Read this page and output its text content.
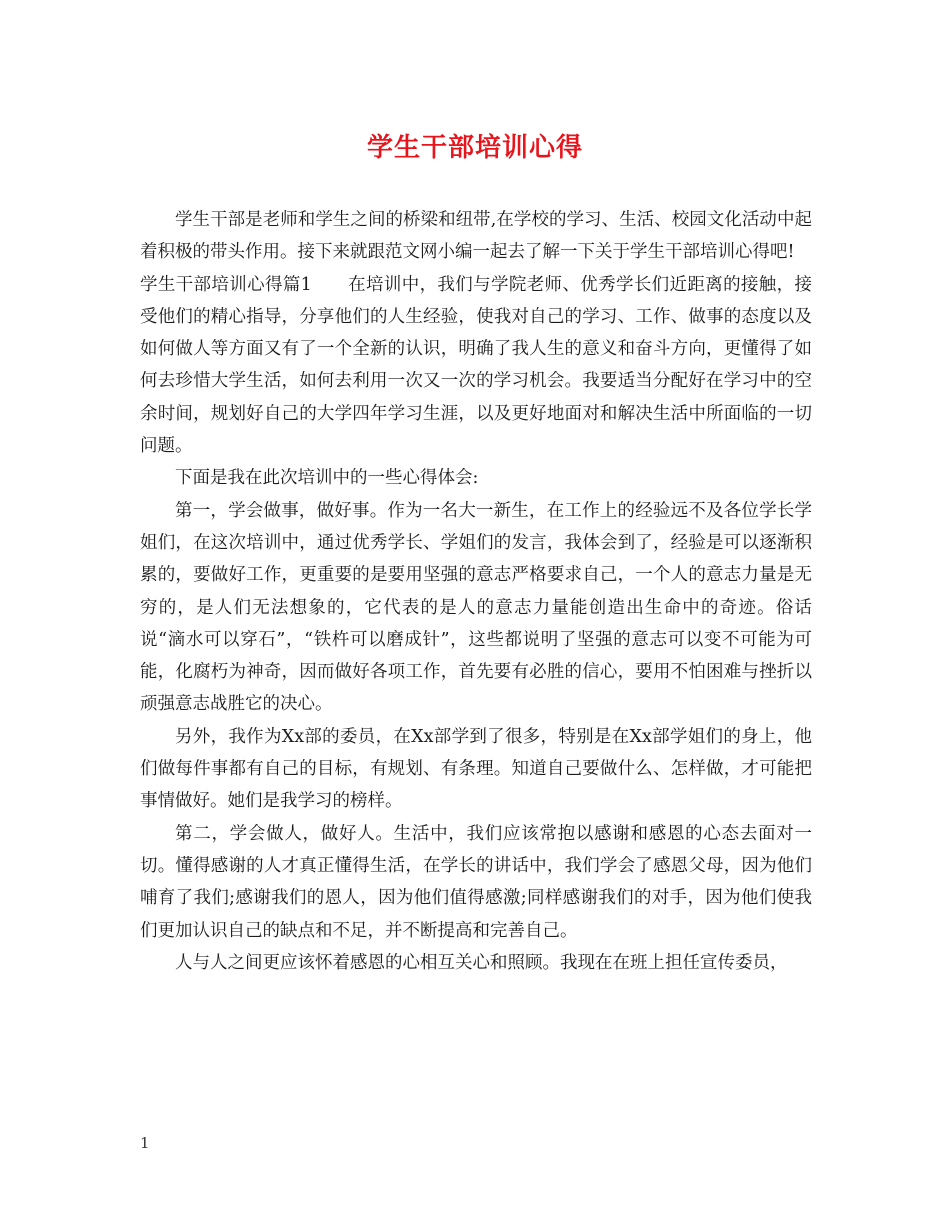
学生干部培训心得

学生干部是老师和学生之间的桥梁和纽带,在学校的学习、生活、校园文化活动中起着积极的带头作用。接下来就跟范文网小编一起去了解一下关于学生干部培训心得吧!

学生干部培训心得篇1 在培训中，我们与学院老师、优秀学长们近距离的接触，接受他们的精心指导，分享他们的人生经验，使我对自己的学习、工作、做事的态度以及如何做人等方面又有了一个全新的认识，明确了我人生的意义和奋斗方向，更懂得了如何去珍惜大学生活，如何去利用一次又一次的学习机会。我要适当分配好在学习中的空余时间，规划好自己的大学四年学习生涯，以及更好地面对和解决生活中所面临的一切问题。

下面是我在此次培训中的一些心得体会:

第一，学会做事，做好事。作为一名大一新生，在工作上的经验远不及各位学长学姐们，在这次培训中，通过优秀学长、学姐们的发言，我体会到了，经验是可以逐渐积累的，要做好工作，更重要的是要用坚强的意志严格要求自己，一个人的意志力量是无穷的，是人们无法想象的，它代表的是人的意志力量能创造出生命中的奇迹。俗话说“滴水可以穿石”，“铁杵可以磨成针”，这些都说明了坚强的意志可以变不可能为可能，化腐朽为神奇，因而做好各项工作，首先要有必胜的信心，要用不怕困难与挫折以顽强意志战胜它的决心。

另外，我作为Xx部的委员，在Xx部学到了很多，特别是在Xx部学姐们的身上，他们做每件事都有自己的目标，有规划、有条理。知道自己要做什么、怎样做，才可能把事情做好。她们是我学习的榜样。

第二，学会做人，做好人。生活中，我们应该常抱以感谢和感恩的心态去面对一切。懂得感谢的人才真正懂得生活，在学长的讲话中，我们学会了感恩父母，因为他们哺育了我们;感谢我们的恩人，因为他们值得感激;同样感谢我们的对手，因为他们使我们更加认识自己的缺点和不足，并不断提高和完善自己。

人与人之间更应该怀着感恩的心相互关心和照顾。我现在在班上担任宣传委员，

1
